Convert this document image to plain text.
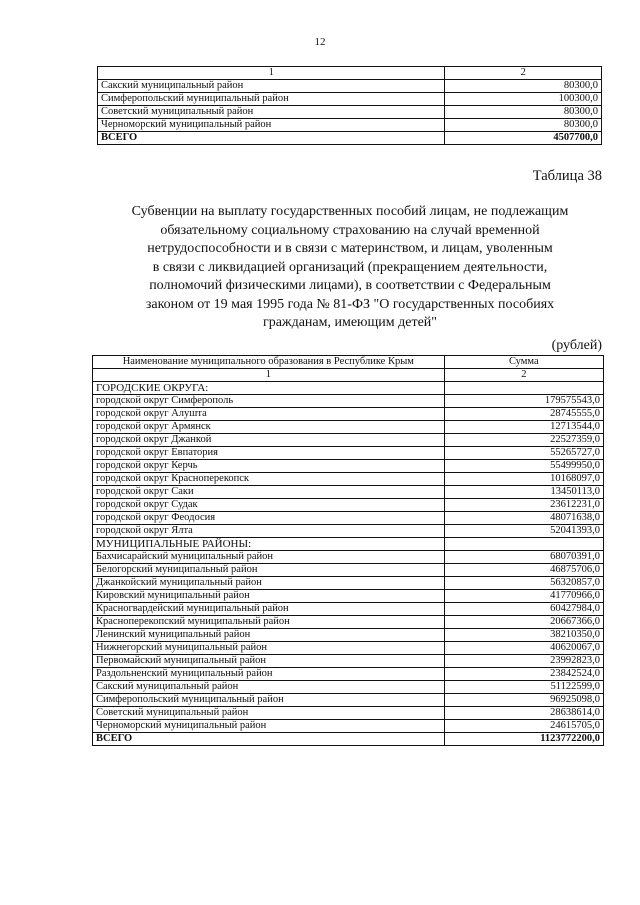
12
1	2
Сакский муниципальный район	80300,0
Симферопольский муниципальный район	100300,0
Советский муниципальный район	80300,0
Черноморский муниципальный район	80300,0
ВСЕГО	4507700,0
Таблица 38
Субвенции на выплату государственных пособий лицам, не подлежащим
обязательному социальному страхованию на случай временной
нетрудоспособности и в связи с материнством, и лицам, уволенным
в связи с ликвидацией организаций (прекращением деятельности,
полномочий физическими лицами), в соответствии с Федеральным
законом от 19 мая 1995 года № 81-ФЗ "О государственных пособиях
гражданам, имеющим детей"
(рублей)
Наименование муниципального образования в Республике Крым	Сумма
1	2
ГОРОДСКИЕ ОКРУГА:	
городской округ Симферополь	179575543,0
городской округ Алушта	28745555,0
городской округ Армянск	12713544,0
городской округ Джанкой	22527359,0
городской округ Евпатория	55265727,0
городской округ Керчь	55499950,0
городской округ Красноперекопск	10168097,0
городской округ Саки	13450113,0
городской округ Судак	23612231,0
городской округ Феодосия	48071638,0
городской округ Ялта	52041393,0
МУНИЦИПАЛЬНЫЕ РАЙОНЫ:	
Бахчисарайский муниципальный район	68070391,0
Белогорский муниципальный район	46875706,0
Джанкойский муниципальный район	56320857,0
Кировский муниципальный район	41770966,0
Красногвардейский муниципальный район	60427984,0
Красноперекопский муниципальный район	20667366,0
Ленинский муниципальный район	38210350,0
Нижнегорский муниципальный район	40620067,0
Первомайский муниципальный район	23992823,0
Раздольненский муниципальный район	23842524,0
Сакский муниципальный район	51122599,0
Симферопольский муниципальный район	96925098,0
Советский муниципальный район	28638614,0
Черноморский муниципальный район	24615705,0
ВСЕГО	1123772200,0
